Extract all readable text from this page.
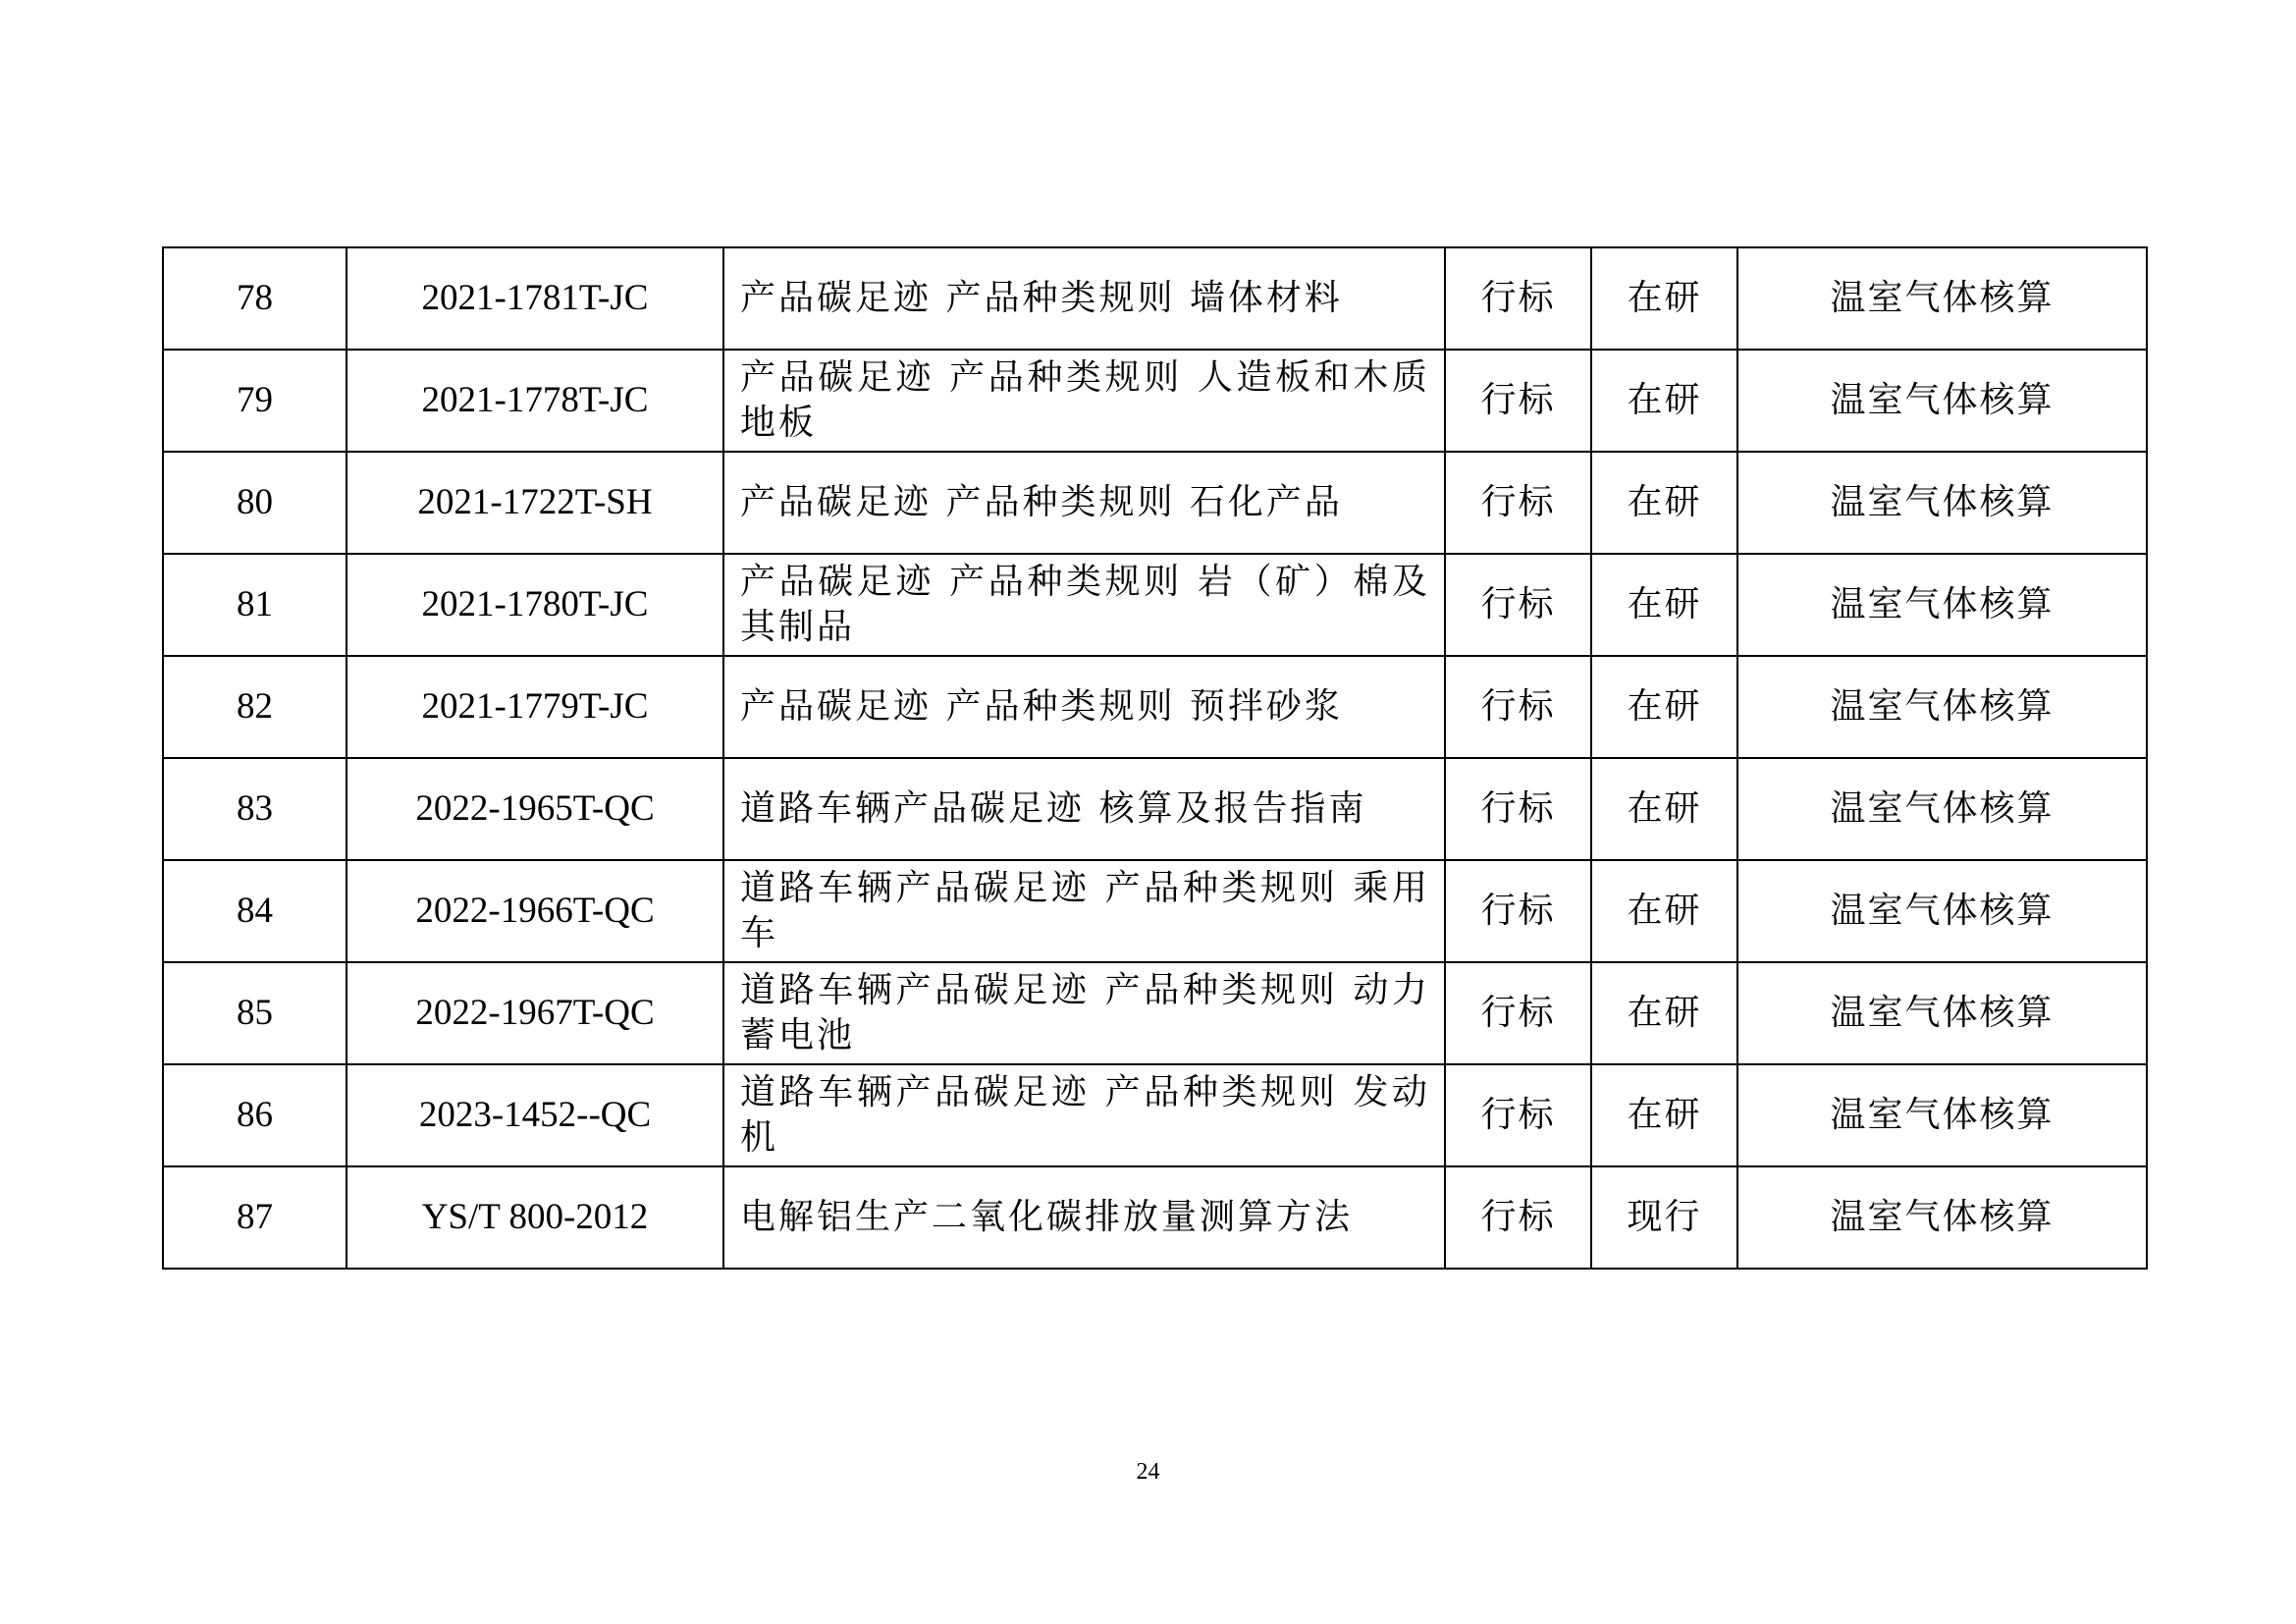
78	2021-1781T-JC	产品碳足迹 产品种类规则 墙体材料	行标	在研	温室气体核算
79	2021-1778T-JC	产品碳足迹 产品种类规则 人造板和木质地板	行标	在研	温室气体核算
80	2021-1722T-SH	产品碳足迹 产品种类规则 石化产品	行标	在研	温室气体核算
81	2021-1780T-JC	产品碳足迹 产品种类规则 岩（矿）棉及其制品	行标	在研	温室气体核算
82	2021-1779T-JC	产品碳足迹 产品种类规则 预拌砂浆	行标	在研	温室气体核算
83	2022-1965T-QC	道路车辆产品碳足迹 核算及报告指南	行标	在研	温室气体核算
84	2022-1966T-QC	道路车辆产品碳足迹 产品种类规则 乘用车	行标	在研	温室气体核算
85	2022-1967T-QC	道路车辆产品碳足迹 产品种类规则 动力蓄电池	行标	在研	温室气体核算
86	2023-1452--QC	道路车辆产品碳足迹 产品种类规则 发动机	行标	在研	温室气体核算
87	YS/T 800-2012	电解铝生产二氧化碳排放量测算方法	行标	现行	温室气体核算
24
